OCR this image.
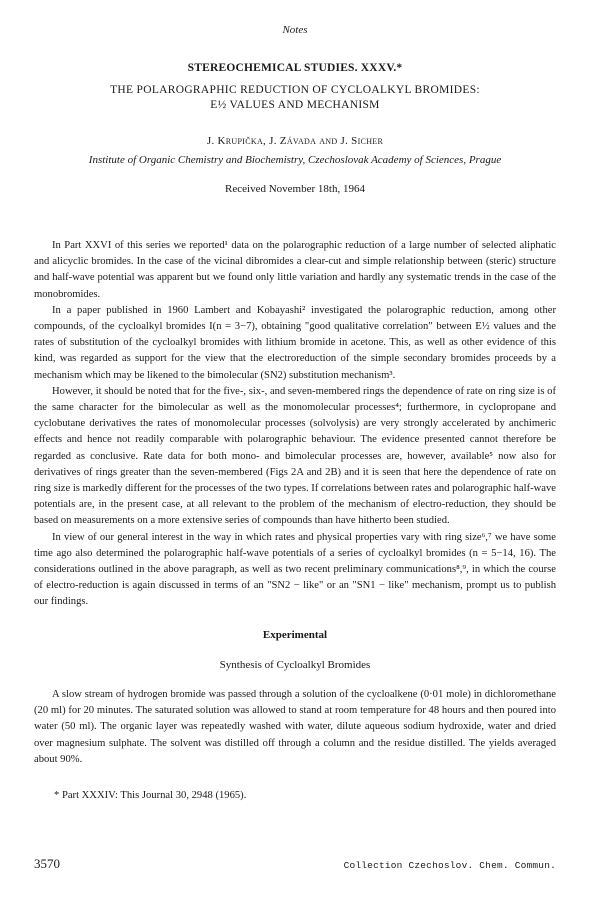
Notes

STEREOCHEMICAL STUDIES. XXXV.*

THE POLAROGRAPHIC REDUCTION OF CYCLOALKYL BROMIDES:
E½ VALUES AND MECHANISM

J. Krupička, J. Závada and J. Sicher

Institute of Organic Chemistry and Biochemistry, Czechoslovak Academy of Sciences, Prague

Received November 18th, 1964

In Part XXVI of this series we reported¹ data on the polarographic reduction of a large number of selected aliphatic and alicyclic bromides. In the case of the vicinal dibromides a clear-cut and simple relationship between (steric) structure and half-wave potential was apparent but we found only little variation and hardly any systematic trends in the case of the monobromides.

In a paper published in 1960 Lambert and Kobayashi² investigated the polarographic reduction, among other compounds, of the cycloalkyl bromides I(n = 3−7), obtaining "good qualitative correlation" between E½ values and the rates of substitution of the cycloalkyl bromides with lithium bromide in acetone. This, as well as other evidence of this kind, was regarded as support for the view that the electroreduction of the simple secondary bromides proceeds by a mechanism which may be likened to the bimolecular (SN2) substitution mechanism³.

However, it should be noted that for the five-, six-, and seven-membered rings the dependence of rate on ring size is of the same character for the bimolecular as well as the monomolecular processes⁴; furthermore, in cyclopropane and cyclobutane derivatives the rates of monomolecular processes (solvolysis) are very strongly accelerated by anchimeric effects and hence not readily comparable with polarographic behaviour. The evidence presented cannot therefore be regarded as conclusive. Rate data for both mono- and bimolecular processes are, however, available⁵ now also for derivatives of rings greater than the seven-membered (Figs 2A and 2B) and it is seen that here the dependence of rate on ring size is markedly different for the processes of the two types. If correlations between rates and polarographic half-wave potentials are, in the present case, at all relevant to the problem of the mechanism of electro-reduction, they should be based on measurements on a more extensive series of compounds than have hitherto been studied.

In view of our general interest in the way in which rates and physical properties vary with ring size⁶,⁷ we have some time ago also determined the polarographic half-wave potentials of a series of cycloalkyl bromides (n = 5−14, 16). The considerations outlined in the above paragraph, as well as two recent preliminary communications⁸,⁹, in which the course of electro-reduction is again discussed in terms of an "SN2 − like" or an "SN1 − like" mechanism, prompt us to publish our findings.

Experimental

Synthesis of Cycloalkyl Bromides

A slow stream of hydrogen bromide was passed through a solution of the cycloalkene (0·01 mole) in dichloromethane (20 ml) for 20 minutes. The saturated solution was allowed to stand at room temperature for 48 hours and then poured into water (50 ml). The organic layer was repeatedly washed with water, dilute aqueous sodium hydroxide, water and dried over magnesium sulphate. The solvent was distilled off through a column and the residue distilled. The yields averaged about 90%.

* Part XXXIV: This Journal 30, 2948 (1965).

3570	Collection Czechoslov. Chem. Commun.
